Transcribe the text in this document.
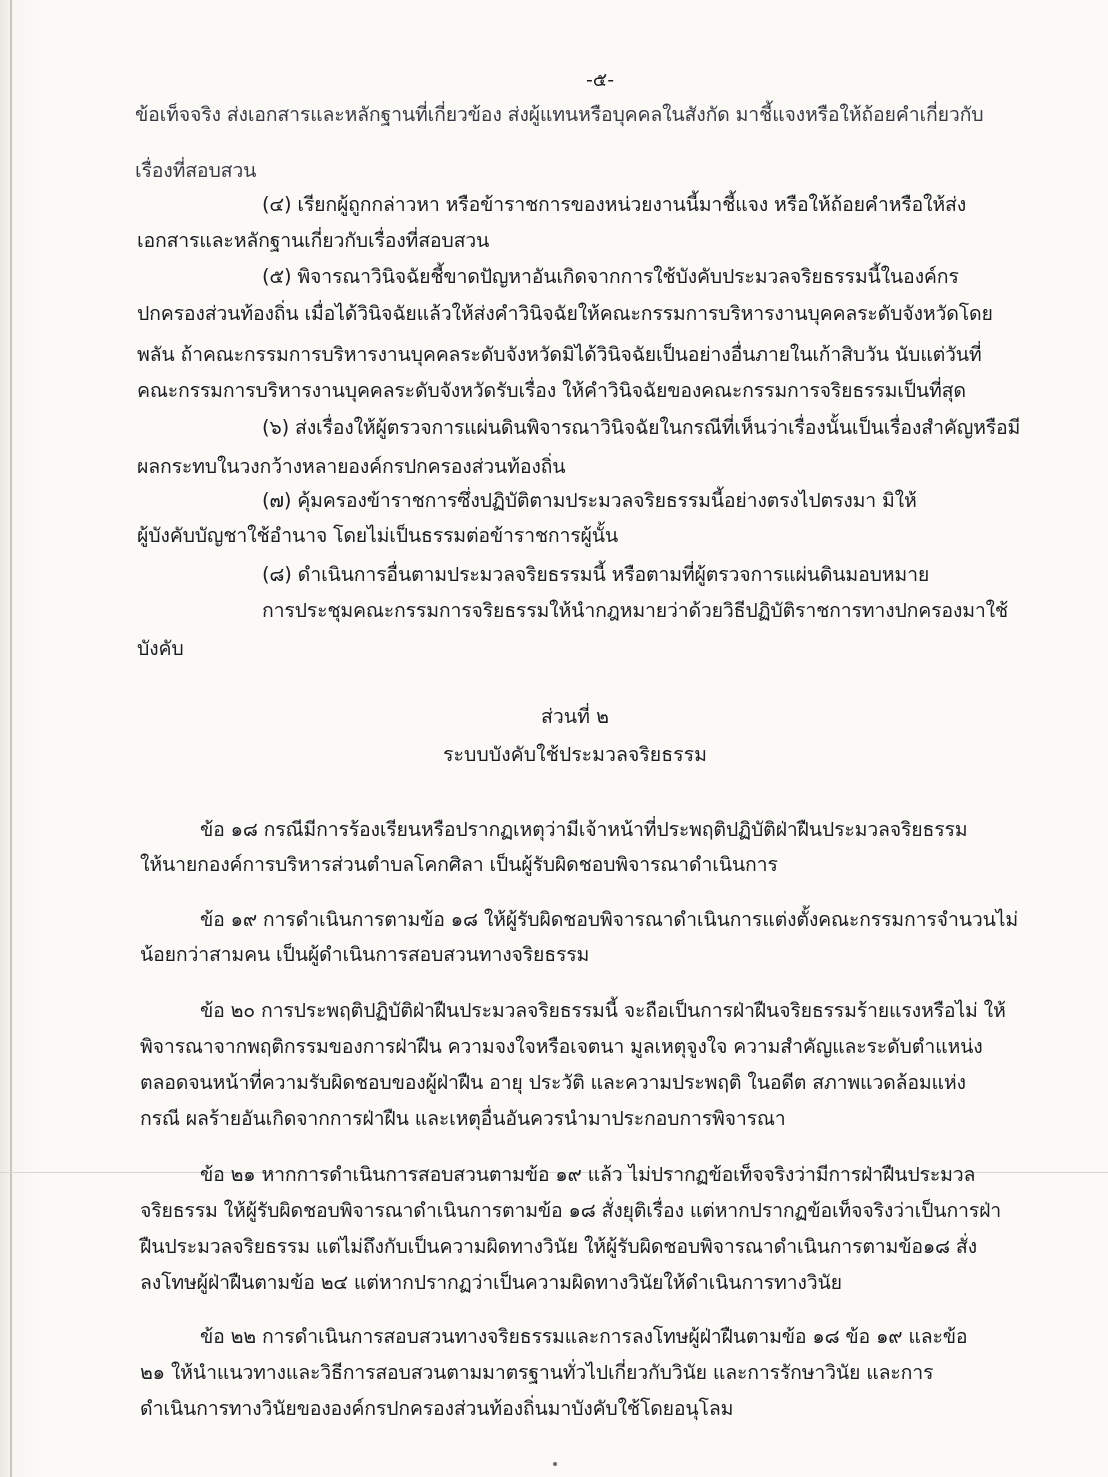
-๕-
ข้อเท็จจริง ส่งเอกสารและหลักฐานที่เกี่ยวข้อง ส่งผู้แทนหรือบุคคลในสังกัด มาชี้แจงหรือให้ถ้อยคำเกี่ยวกับ
เรื่องที่สอบสวน
(๔) เรียกผู้ถูกกล่าวหา หรือข้าราชการของหน่วยงานนี้มาชี้แจง หรือให้ถ้อยคำหรือให้ส่ง
เอกสารและหลักฐานเกี่ยวกับเรื่องที่สอบสวน
(๕) พิจารณาวินิจฉัยชี้ขาดปัญหาอันเกิดจากการใช้บังคับประมวลจริยธรรมนี้ในองค์กร
ปกครองส่วนท้องถิ่น เมื่อได้วินิจฉัยแล้วให้ส่งคำวินิจฉัยให้คณะกรรมการบริหารงานบุคคลระดับจังหวัดโดย
พลัน ถ้าคณะกรรมการบริหารงานบุคคลระดับจังหวัดมิได้วินิจฉัยเป็นอย่างอื่นภายในเก้าสิบวัน นับแต่วันที่
คณะกรรมการบริหารงานบุคคลระดับจังหวัดรับเรื่อง ให้คำวินิจฉัยของคณะกรรมการจริยธรรมเป็นที่สุด
(๖) ส่งเรื่องให้ผู้ตรวจการแผ่นดินพิจารณาวินิจฉัยในกรณีที่เห็นว่าเรื่องนั้นเป็นเรื่องสำคัญหรือมี
ผลกระทบในวงกว้างหลายองค์กรปกครองส่วนท้องถิ่น
(๗) คุ้มครองข้าราชการซึ่งปฏิบัติตามประมวลจริยธรรมนี้อย่างตรงไปตรงมา มิให้
ผู้บังคับบัญชาใช้อำนาจ โดยไม่เป็นธรรมต่อข้าราชการผู้นั้น
(๘) ดำเนินการอื่นตามประมวลจริยธรรมนี้ หรือตามที่ผู้ตรวจการแผ่นดินมอบหมาย
การประชุมคณะกรรมการจริยธรรมให้นำกฎหมายว่าด้วยวิธีปฏิบัติราชการทางปกครองมาใช้
บังคับ
ส่วนที่ ๒
ระบบบังคับใช้ประมวลจริยธรรม
ข้อ ๑๘ กรณีมีการร้องเรียนหรือปรากฏเหตุว่ามีเจ้าหน้าที่ประพฤติปฏิบัติฝ่าฝืนประมวลจริยธรรม
ให้นายกองค์การบริหารส่วนตำบลโคกศิลา เป็นผู้รับผิดชอบพิจารณาดำเนินการ
ข้อ ๑๙ การดำเนินการตามข้อ ๑๘ ให้ผู้รับผิดชอบพิจารณาดำเนินการแต่งตั้งคณะกรรมการจำนวนไม่
น้อยกว่าสามคน เป็นผู้ดำเนินการสอบสวนทางจริยธรรม
ข้อ ๒๐ การประพฤติปฏิบัติฝ่าฝืนประมวลจริยธรรมนี้ จะถือเป็นการฝ่าฝืนจริยธรรมร้ายแรงหรือไม่ ให้
พิจารณาจากพฤติกรรมของการฝ่าฝืน ความจงใจหรือเจตนา มูลเหตุจูงใจ ความสำคัญและระดับตำแหน่ง
ตลอดจนหน้าที่ความรับผิดชอบของผู้ฝ่าฝืน อายุ ประวัติ และความประพฤติ ในอดีต สภาพแวดล้อมแห่ง
กรณี ผลร้ายอันเกิดจากการฝ่าฝืน และเหตุอื่นอันควรนำมาประกอบการพิจารณา
ข้อ ๒๑ หากการดำเนินการสอบสวนตามข้อ ๑๙ แล้ว ไม่ปรากฏข้อเท็จจริงว่ามีการฝ่าฝืนประมวล
จริยธรรม ให้ผู้รับผิดชอบพิจารณาดำเนินการตามข้อ ๑๘ สั่งยุติเรื่อง แต่หากปรากฏข้อเท็จจริงว่าเป็นการฝ่า
ฝืนประมวลจริยธรรม แต่ไม่ถึงกับเป็นความผิดทางวินัย ให้ผู้รับผิดชอบพิจารณาดำเนินการตามข้อ๑๘ สั่ง
ลงโทษผู้ฝ่าฝืนตามข้อ ๒๔ แต่หากปรากฏว่าเป็นความผิดทางวินัยให้ดำเนินการทางวินัย
ข้อ ๒๒ การดำเนินการสอบสวนทางจริยธรรมและการลงโทษผู้ฝ่าฝืนตามข้อ ๑๘ ข้อ ๑๙ และข้อ
๒๑ ให้นำแนวทางและวิธีการสอบสวนตามมาตรฐานทั่วไปเกี่ยวกับวินัย และการรักษาวินัย และการ
ดำเนินการทางวินัยขององค์กรปกครองส่วนท้องถิ่นมาบังคับใช้โดยอนุโลม
